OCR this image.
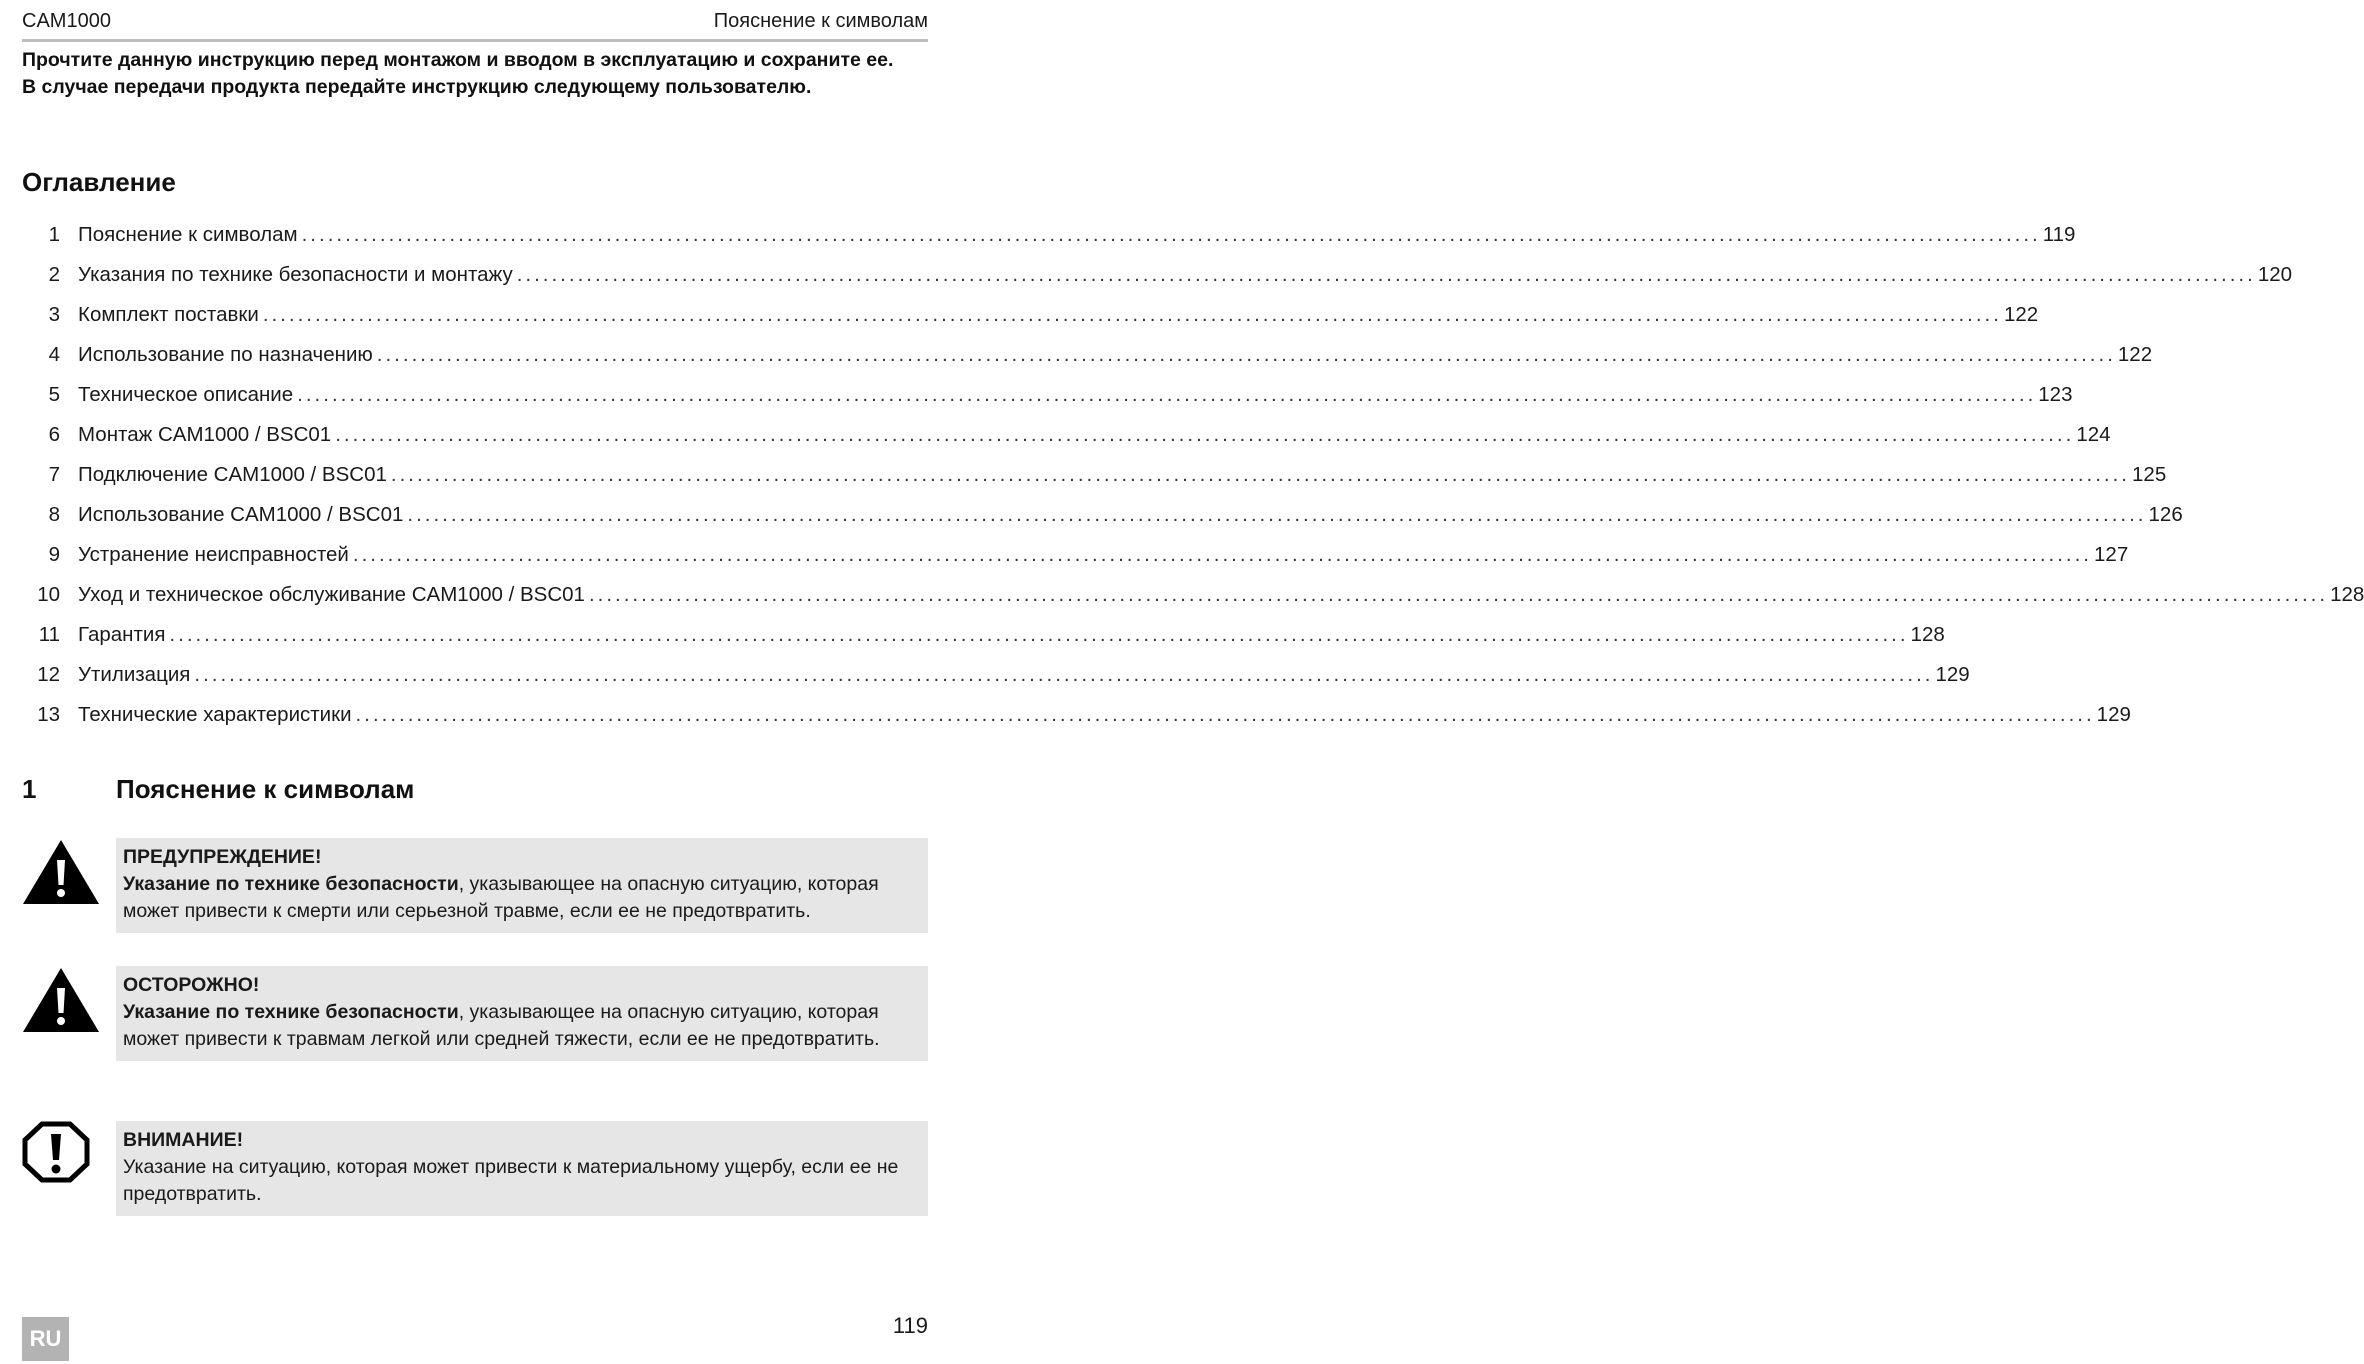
CAM1000	Пояснение к символам
Прочтите данную инструкцию перед монтажом и вводом в эксплуатацию и сохраните ее. В случае передачи продукта передайте инструкцию следующему пользователю.
Оглавление
1 Пояснение к символам ........................................................................................................................................................................................................ 119
2 Указания по технике безопасности и монтажу ........................................................................................................................................................................................................ 120
3 Комплект поставки ........................................................................................................................................................................................................ 122
4 Использование по назначению ........................................................................................................................................................................................................ 122
5 Техническое описание ........................................................................................................................................................................................................ 123
6 Монтаж CAM1000 / BSC01 ........................................................................................................................................................................................................ 124
7 Подключение CAM1000 / BSC01 ........................................................................................................................................................................................................ 125
8 Использование CAM1000 / BSC01 ........................................................................................................................................................................................................ 126
9 Устранение неисправностей ........................................................................................................................................................................................................ 127
10 Уход и техническое обслуживание CAM1000 / BSC01 ........................................................................................................................................................................................................ 128
11 Гарантия ........................................................................................................................................................................................................ 128
12 Утилизация ........................................................................................................................................................................................................ 129
13 Технические характеристики ........................................................................................................................................................................................................ 129
1	Пояснение к символам
ПРЕДУПРЕЖДЕНИЕ!
Указание по технике безопасности, указывающее на опасную ситуацию, которая может привести к смерти или серьезной травме, если ее не предотвратить.
ОСТОРОЖНО!
Указание по технике безопасности, указывающее на опасную ситуацию, которая может привести к травмам легкой или средней тяжести, если ее не предотвратить.
ВНИМАНИЕ!
Указание на ситуацию, которая может привести к материальному ущербу, если ее не предотвратить.
RU
119
